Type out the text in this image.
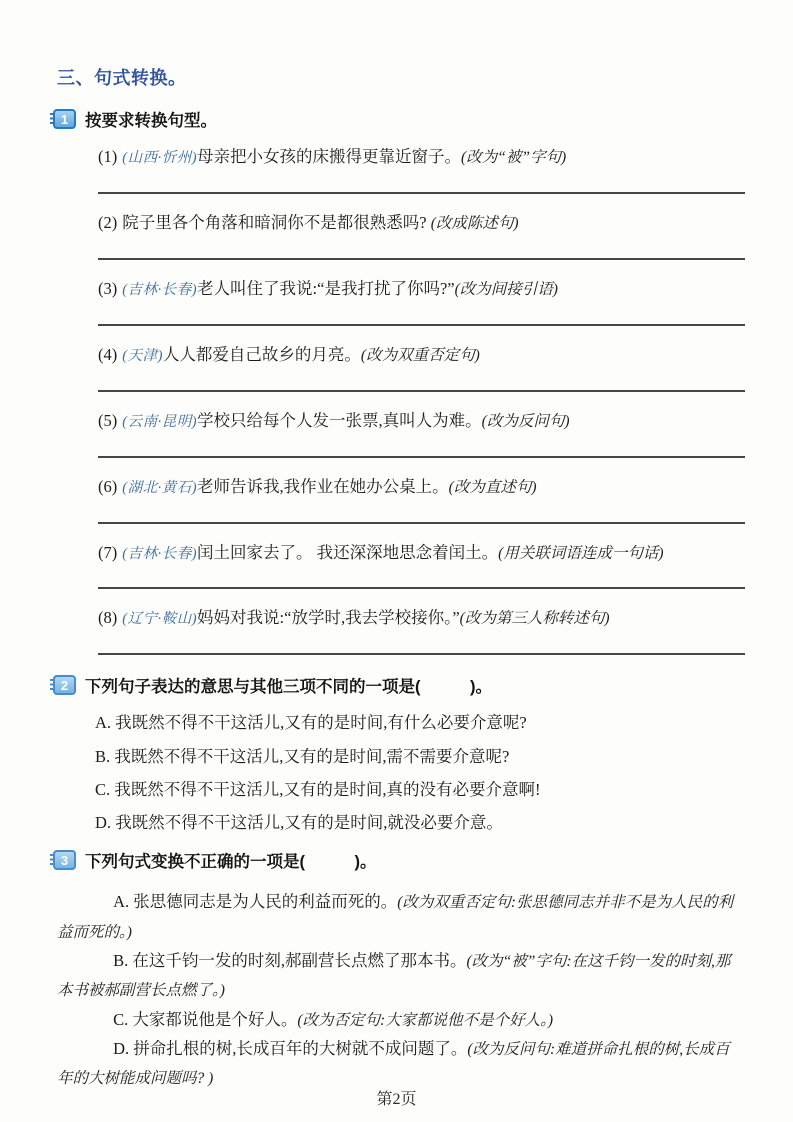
三、句式转换。
1	按要求转换句型。

(1) (山西·忻州)母亲把小女孩的床搬得更靠近窗子。(改为“被”字句)

(2) 院子里各个角落和暗洞你不是都很熟悉吗? (改成陈述句)

(3) (吉林·长春)老人叫住了我说:“是我打扰了你吗?”(改为间接引语)

(4) (天津)人人都爱自己故乡的月亮。(改为双重否定句)

(5) (云南·昆明)学校只给每个人发一张票,真叫人为难。(改为反问句)

(6) (湖北·黄石)老师告诉我,我作业在她办公桌上。(改为直述句)

(7) (吉林·长春)闰土回家去了。 我还深深地思念着闰土。(用关联词语连成一句话)

(8) (辽宁·鞍山)妈妈对我说:“放学时,我去学校接你。”(改为第三人称转述句)

2	下列句子表达的意思与其他三项不同的一项是(　　　)。

A. 我既然不得不干这活儿,又有的是时间,有什么必要介意呢?

B. 我既然不得不干这活儿,又有的是时间,需不需要介意呢?

C. 我既然不得不干这活儿,又有的是时间,真的没有必要介意啊!

D. 我既然不得不干这活儿,又有的是时间,就没必要介意。

3	下列句式变换不正确的一项是(　　　)。

A. 张思德同志是为人民的利益而死的。(改为双重否定句:张思德同志并非不是为人民的利益而死的。)

B. 在这千钧一发的时刻,郝副营长点燃了那本书。(改为“被”字句:在这千钧一发的时刻,那本书被郝副营长点燃了。)

C. 大家都说他是个好人。(改为否定句:大家都说他不是个好人。)

D. 拼命扎根的树,长成百年的大树就不成问题了。(改为反问句:难道拼命扎根的树,长成百年的大树能成问题吗? )

第2页
